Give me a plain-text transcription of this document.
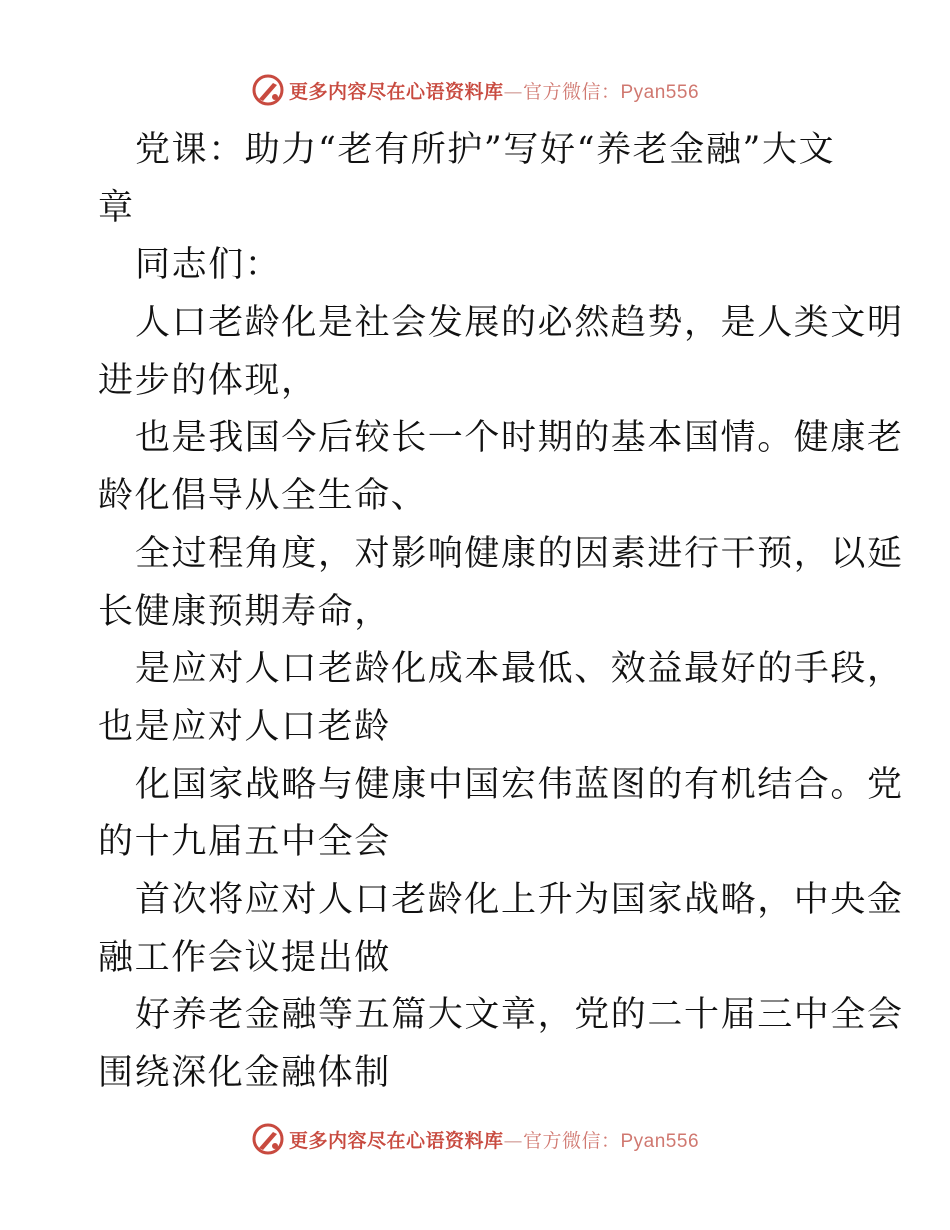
更多内容尽在心语资料库—官方微信：Pyan556
党课：助力“老有所护”写好“养老金融”大文
章
同志们：
人口老龄化是社会发展的必然趋势，是人类文明
进步的体现，
也是我国今后较长一个时期的基本国情。健康老
龄化倡导从全生命、
全过程角度，对影响健康的因素进行干预，以延
长健康预期寿命，
是应对人口老龄化成本最低、效益最好的手段，
也是应对人口老龄
化国家战略与健康中国宏伟蓝图的有机结合。党
的十九届五中全会
首次将应对人口老龄化上升为国家战略，中央金
融工作会议提出做
好养老金融等五篇大文章，党的二十届三中全会
围绕深化金融体制
更多内容尽在心语资料库—官方微信：Pyan556
